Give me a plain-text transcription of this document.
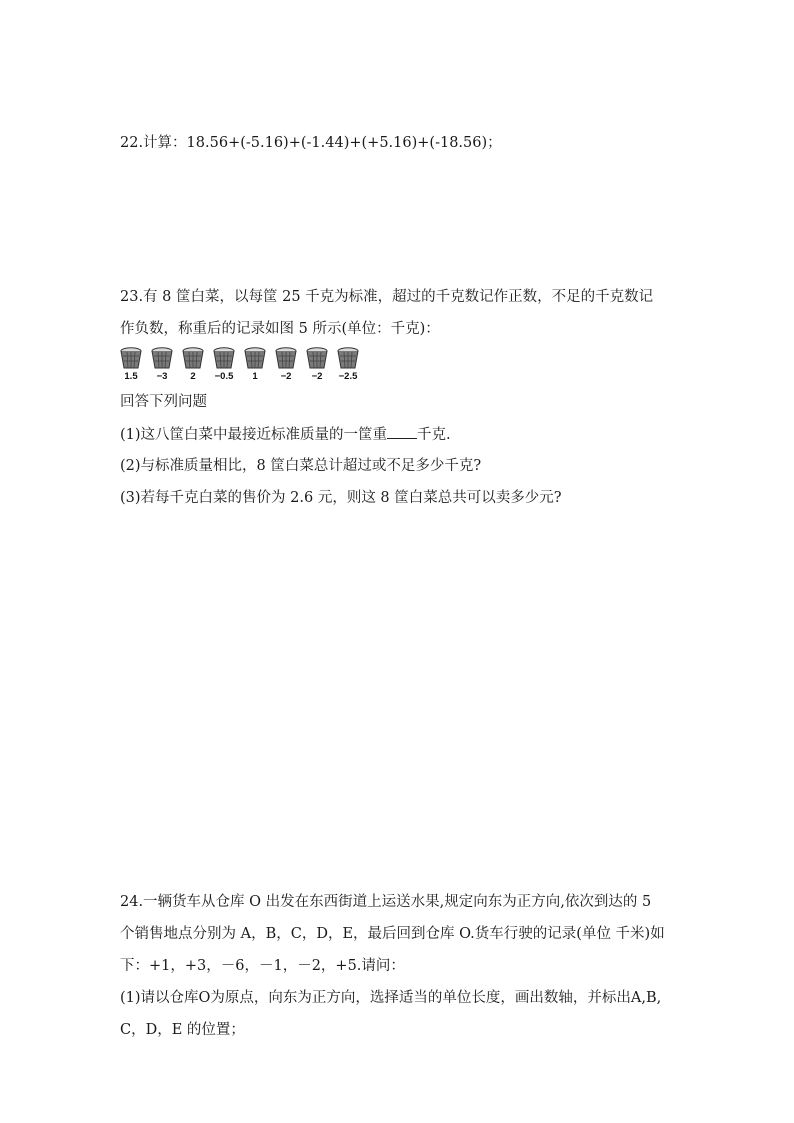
22.计算：18.56+(-5.16)+(-1.44)+(+5.16)+(-18.56)；
23.有 8 筐白菜，以每筐 25 千克为标准，超过的千克数记作正数，不足的千克数记
作负数，称重后的记录如图 5 所示(单位：千克)：
1.5	−3	2	−0.5	1	−2	−2	−2.5
回答下列问题
(1)这八筐白菜中最接近标准质量的一筐重 千克.
(2)与标准质量相比，8 筐白菜总计超过或不足多少千克?
(3)若每千克白菜的售价为 2.6 元，则这 8 筐白菜总共可以卖多少元?
24.一辆货车从仓库 O 出发在东西街道上运送水果,规定向东为正方向,依次到达的 5
个销售地点分别为 A，B，C，D，E，最后回到仓库 O.货车行驶的记录(单位 千米)如
下：+1，+3，－6，－1，－2，+5.请问：
(1)请以仓库O为原点，向东为正方向，选择适当的单位长度，画出数轴，并标出A,B,
C，D，E 的位置；
